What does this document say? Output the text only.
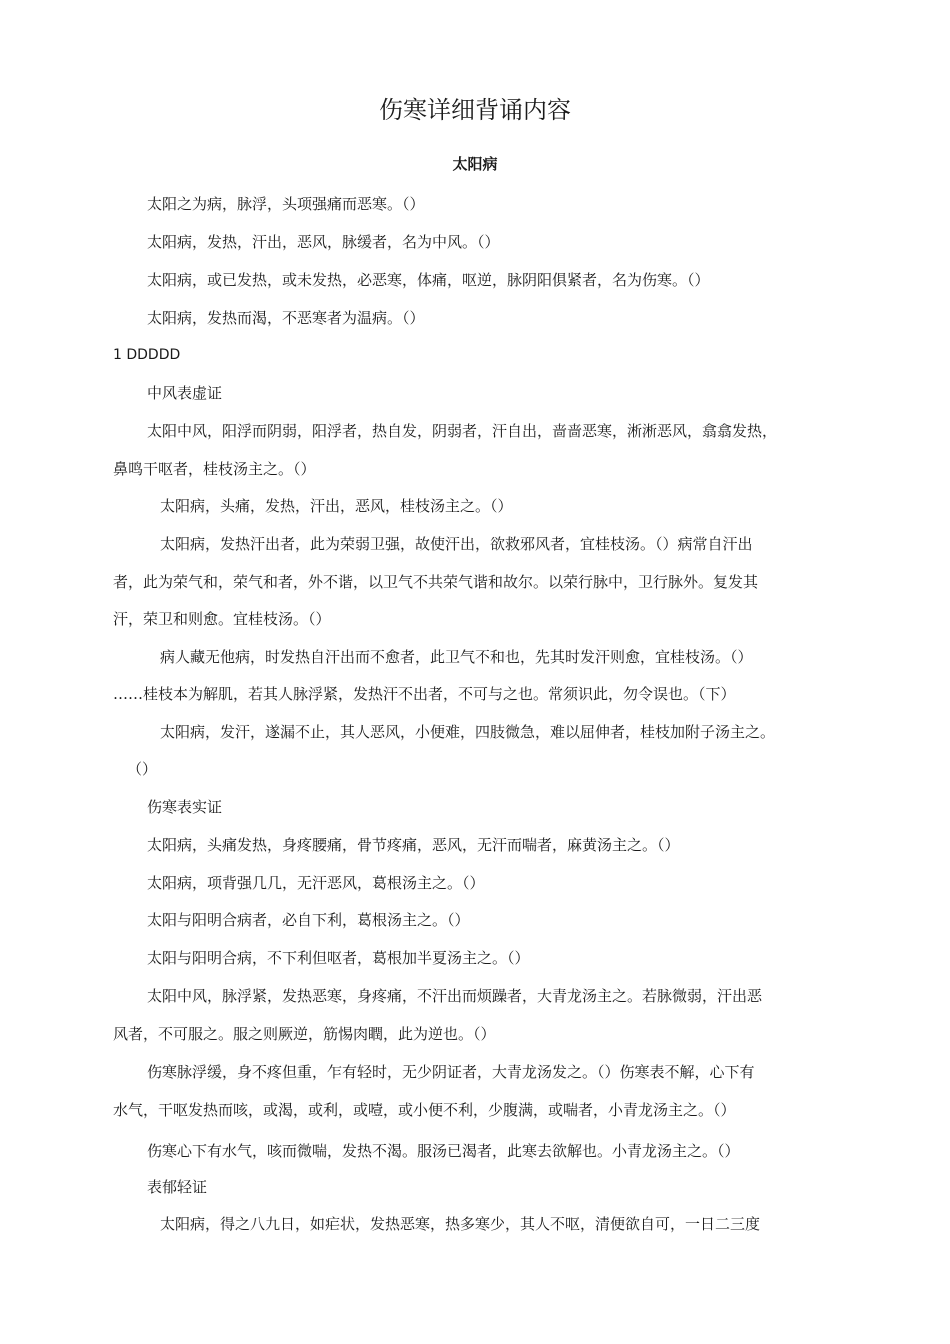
伤寒详细背诵内容
太阳病
太阳之为病，脉浮，头项强痛而恶寒。（）
太阳病，发热，汗出，恶风，脉缓者，名为中风。（）
太阳病，或已发热，或未发热，必恶寒，体痛，呕逆，脉阴阳俱紧者，名为伤寒。（）
太阳病，发热而渴，不恶寒者为温病。（）
1 DDDDD
中风表虚证
太阳中风，阳浮而阴弱，阳浮者，热自发，阴弱者，汗自出，啬啬恶寒，淅淅恶风，翕翕发热，
鼻鸣干呕者，桂枝汤主之。（）
太阳病，头痛，发热，汗出，恶风，桂枝汤主之。（）
太阳病，发热汗出者，此为荣弱卫强，故使汗出，欲救邪风者，宜桂枝汤。（）病常自汗出
者，此为荣气和，荣气和者，外不谐，以卫气不共荣气谐和故尔。以荣行脉中，卫行脉外。复发其
汗，荣卫和则愈。宜桂枝汤。（）
病人藏无他病，时发热自汗出而不愈者，此卫气不和也，先其时发汗则愈，宜桂枝汤。（）
……桂枝本为解肌，若其人脉浮紧，发热汗不出者，不可与之也。常须识此，勿令误也。（下）
太阳病，发汗，遂漏不止，其人恶风，小便难，四肢微急，难以屈伸者，桂枝加附子汤主之。
（）
伤寒表实证
太阳病，头痛发热，身疼腰痛，骨节疼痛，恶风，无汗而喘者，麻黄汤主之。（）
太阳病，项背强几几，无汗恶风，葛根汤主之。（）
太阳与阳明合病者，必自下利，葛根汤主之。（）
太阳与阳明合病，不下利但呕者，葛根加半夏汤主之。（）
太阳中风，脉浮紧，发热恶寒，身疼痛，不汗出而烦躁者，大青龙汤主之。若脉微弱，汗出恶
风者，不可服之。服之则厥逆，筋惕肉瞤，此为逆也。（）
伤寒脉浮缓，身不疼但重，乍有轻时，无少阴证者，大青龙汤发之。（）伤寒表不解，心下有
水气，干呕发热而咳，或渴，或利，或噎，或小便不利，少腹满，或喘者，小青龙汤主之。（）
伤寒心下有水气，咳而微喘，发热不渴。服汤已渴者，此寒去欲解也。小青龙汤主之。（）
表郁轻证
太阳病，得之八九日，如疟状，发热恶寒，热多寒少，其人不呕，清便欲自可，一日二三度
